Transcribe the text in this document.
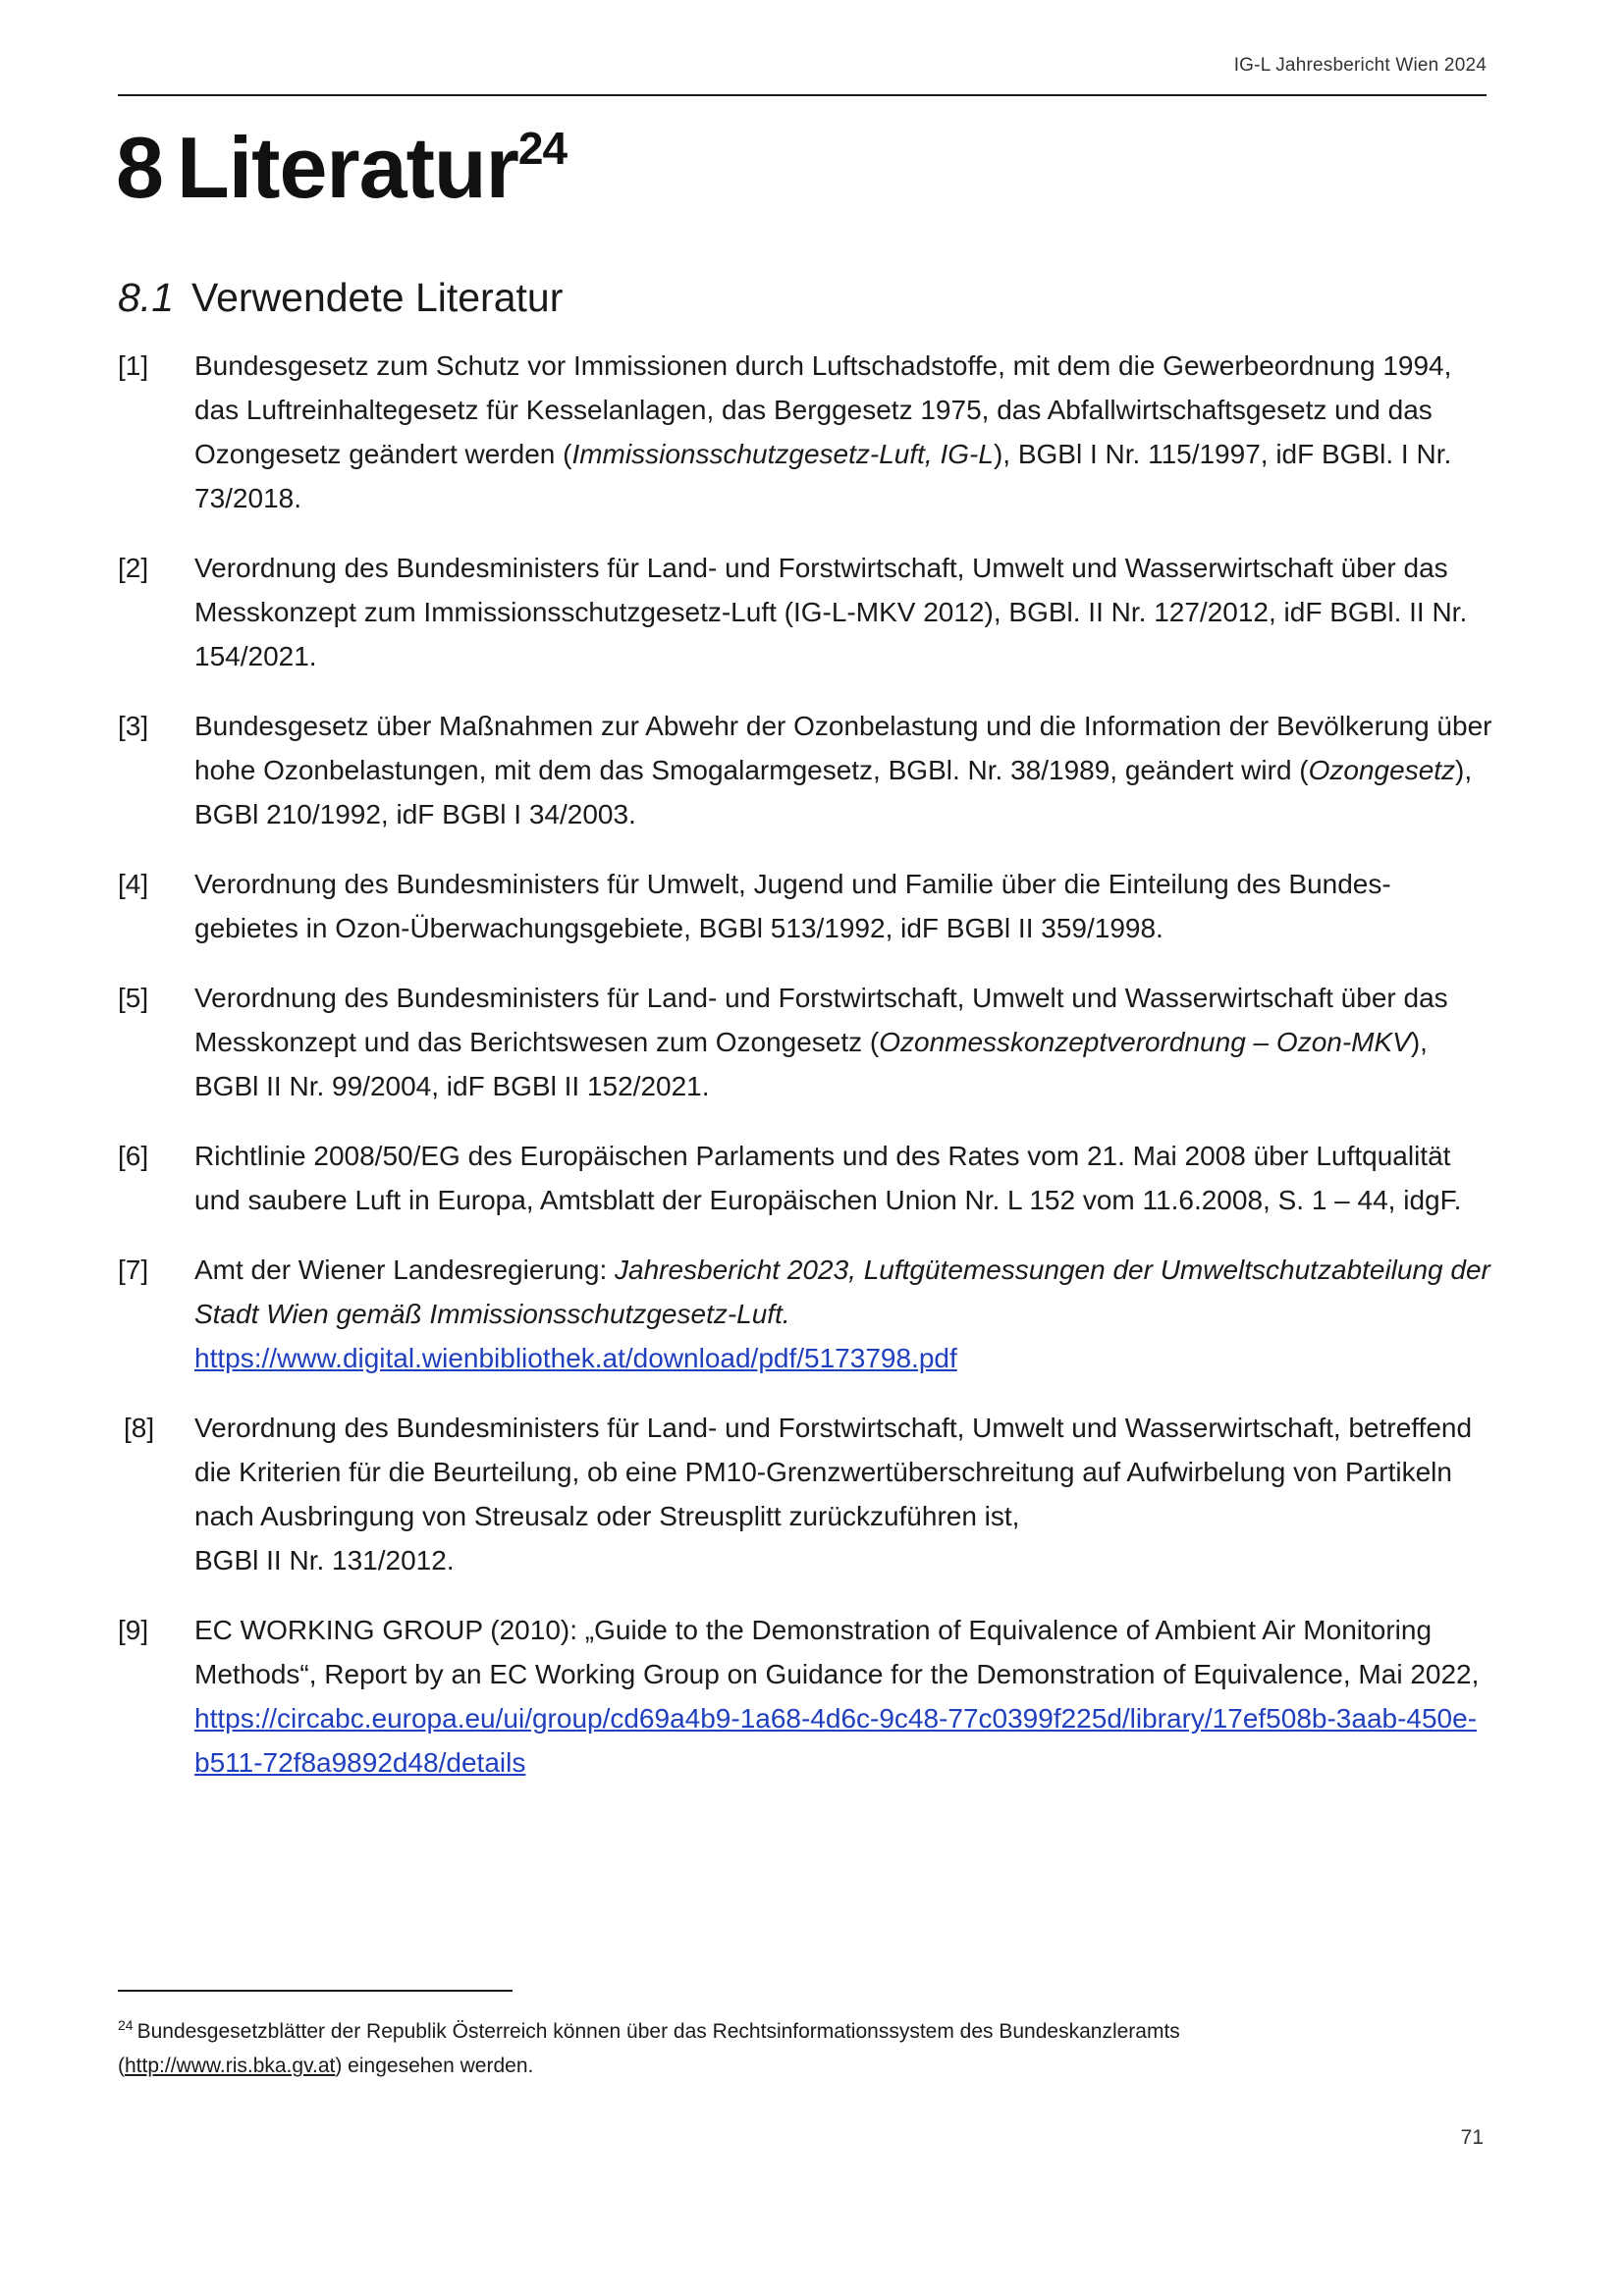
IG-L Jahresbericht Wien 2024
8 Literatur$^{24}$
8.1 Verwendete Literatur
[1] Bundesgesetz zum Schutz vor Immissionen durch Luftschadstoffe, mit dem die Gewerbeordnung 1994, das Luftreinhaltegesetz für Kesselanlagen, das Berggesetz 1975, das Abfallwirtschaftsgesetz und das Ozongesetz geändert werden (Immissionsschutzgesetz-Luft, IG-L), BGBl I Nr. 115/1997, idF BGBl. I Nr. 73/2018.
[2] Verordnung des Bundesministers für Land- und Forstwirtschaft, Umwelt und Wasserwirtschaft über das Messkonzept zum Immissionsschutzgesetz-Luft (IG-L-MKV 2012), BGBl. II Nr. 127/2012, idF BGBl. II Nr. 154/2021.
[3] Bundesgesetz über Maßnahmen zur Abwehr der Ozonbelastung und die Information der Bevölkerung über hohe Ozonbelastungen, mit dem das Smogalarmgesetz, BGBl. Nr. 38/1989, geändert wird (Ozongesetz), BGBl 210/1992, idF BGBl I 34/2003.
[4] Verordnung des Bundesministers für Umwelt, Jugend und Familie über die Einteilung des Bundes-gebietes in Ozon-Überwachungsgebiete, BGBl 513/1992, idF BGBl II 359/1998.
[5] Verordnung des Bundesministers für Land- und Forstwirtschaft, Umwelt und Wasserwirtschaft über das Messkonzept und das Berichtswesen zum Ozongesetz (Ozonmesskonzeptverordnung – Ozon-MKV), BGBl II Nr. 99/2004, idF BGBl II 152/2021.
[6] Richtlinie 2008/50/EG des Europäischen Parlaments und des Rates vom 21. Mai 2008 über Luftqualität und saubere Luft in Europa, Amtsblatt der Europäischen Union Nr. L 152 vom 11.6.2008, S. 1 – 44, idgF.
[7] Amt der Wiener Landesregierung: Jahresbericht 2023, Luftgütemessungen der Umweltschutzabteilung der Stadt Wien gemäß Immissionsschutzgesetz-Luft.
https://www.digital.wienbibliothek.at/download/pdf/5173798.pdf
[8] Verordnung des Bundesministers für Land- und Forstwirtschaft, Umwelt und Wasserwirtschaft, betreffend die Kriterien für die Beurteilung, ob eine PM10-Grenzwertüberschreitung auf Aufwirbelung von Partikeln nach Ausbringung von Streusalz oder Streusplitt zurückzuführen ist,
BGBl II Nr. 131/2012.
[9] EC WORKING GROUP (2010): „Guide to the Demonstration of Equivalence of Ambient Air Monitoring Methods“, Report by an EC Working Group on Guidance for the Demonstration of Equivalence, Mai 2022,
https://circabc.europa.eu/ui/group/cd69a4b9-1a68-4d6c-9c48-77c0399f225d/library/17ef508b-3aab-450e-b511-72f8a9892d48/details
$^{24}$ Bundesgesetzblätter der Republik Österreich können über das Rechtsinformationssystem des Bundeskanzleramts (http://www.ris.bka.gv.at) eingesehen werden.
71
